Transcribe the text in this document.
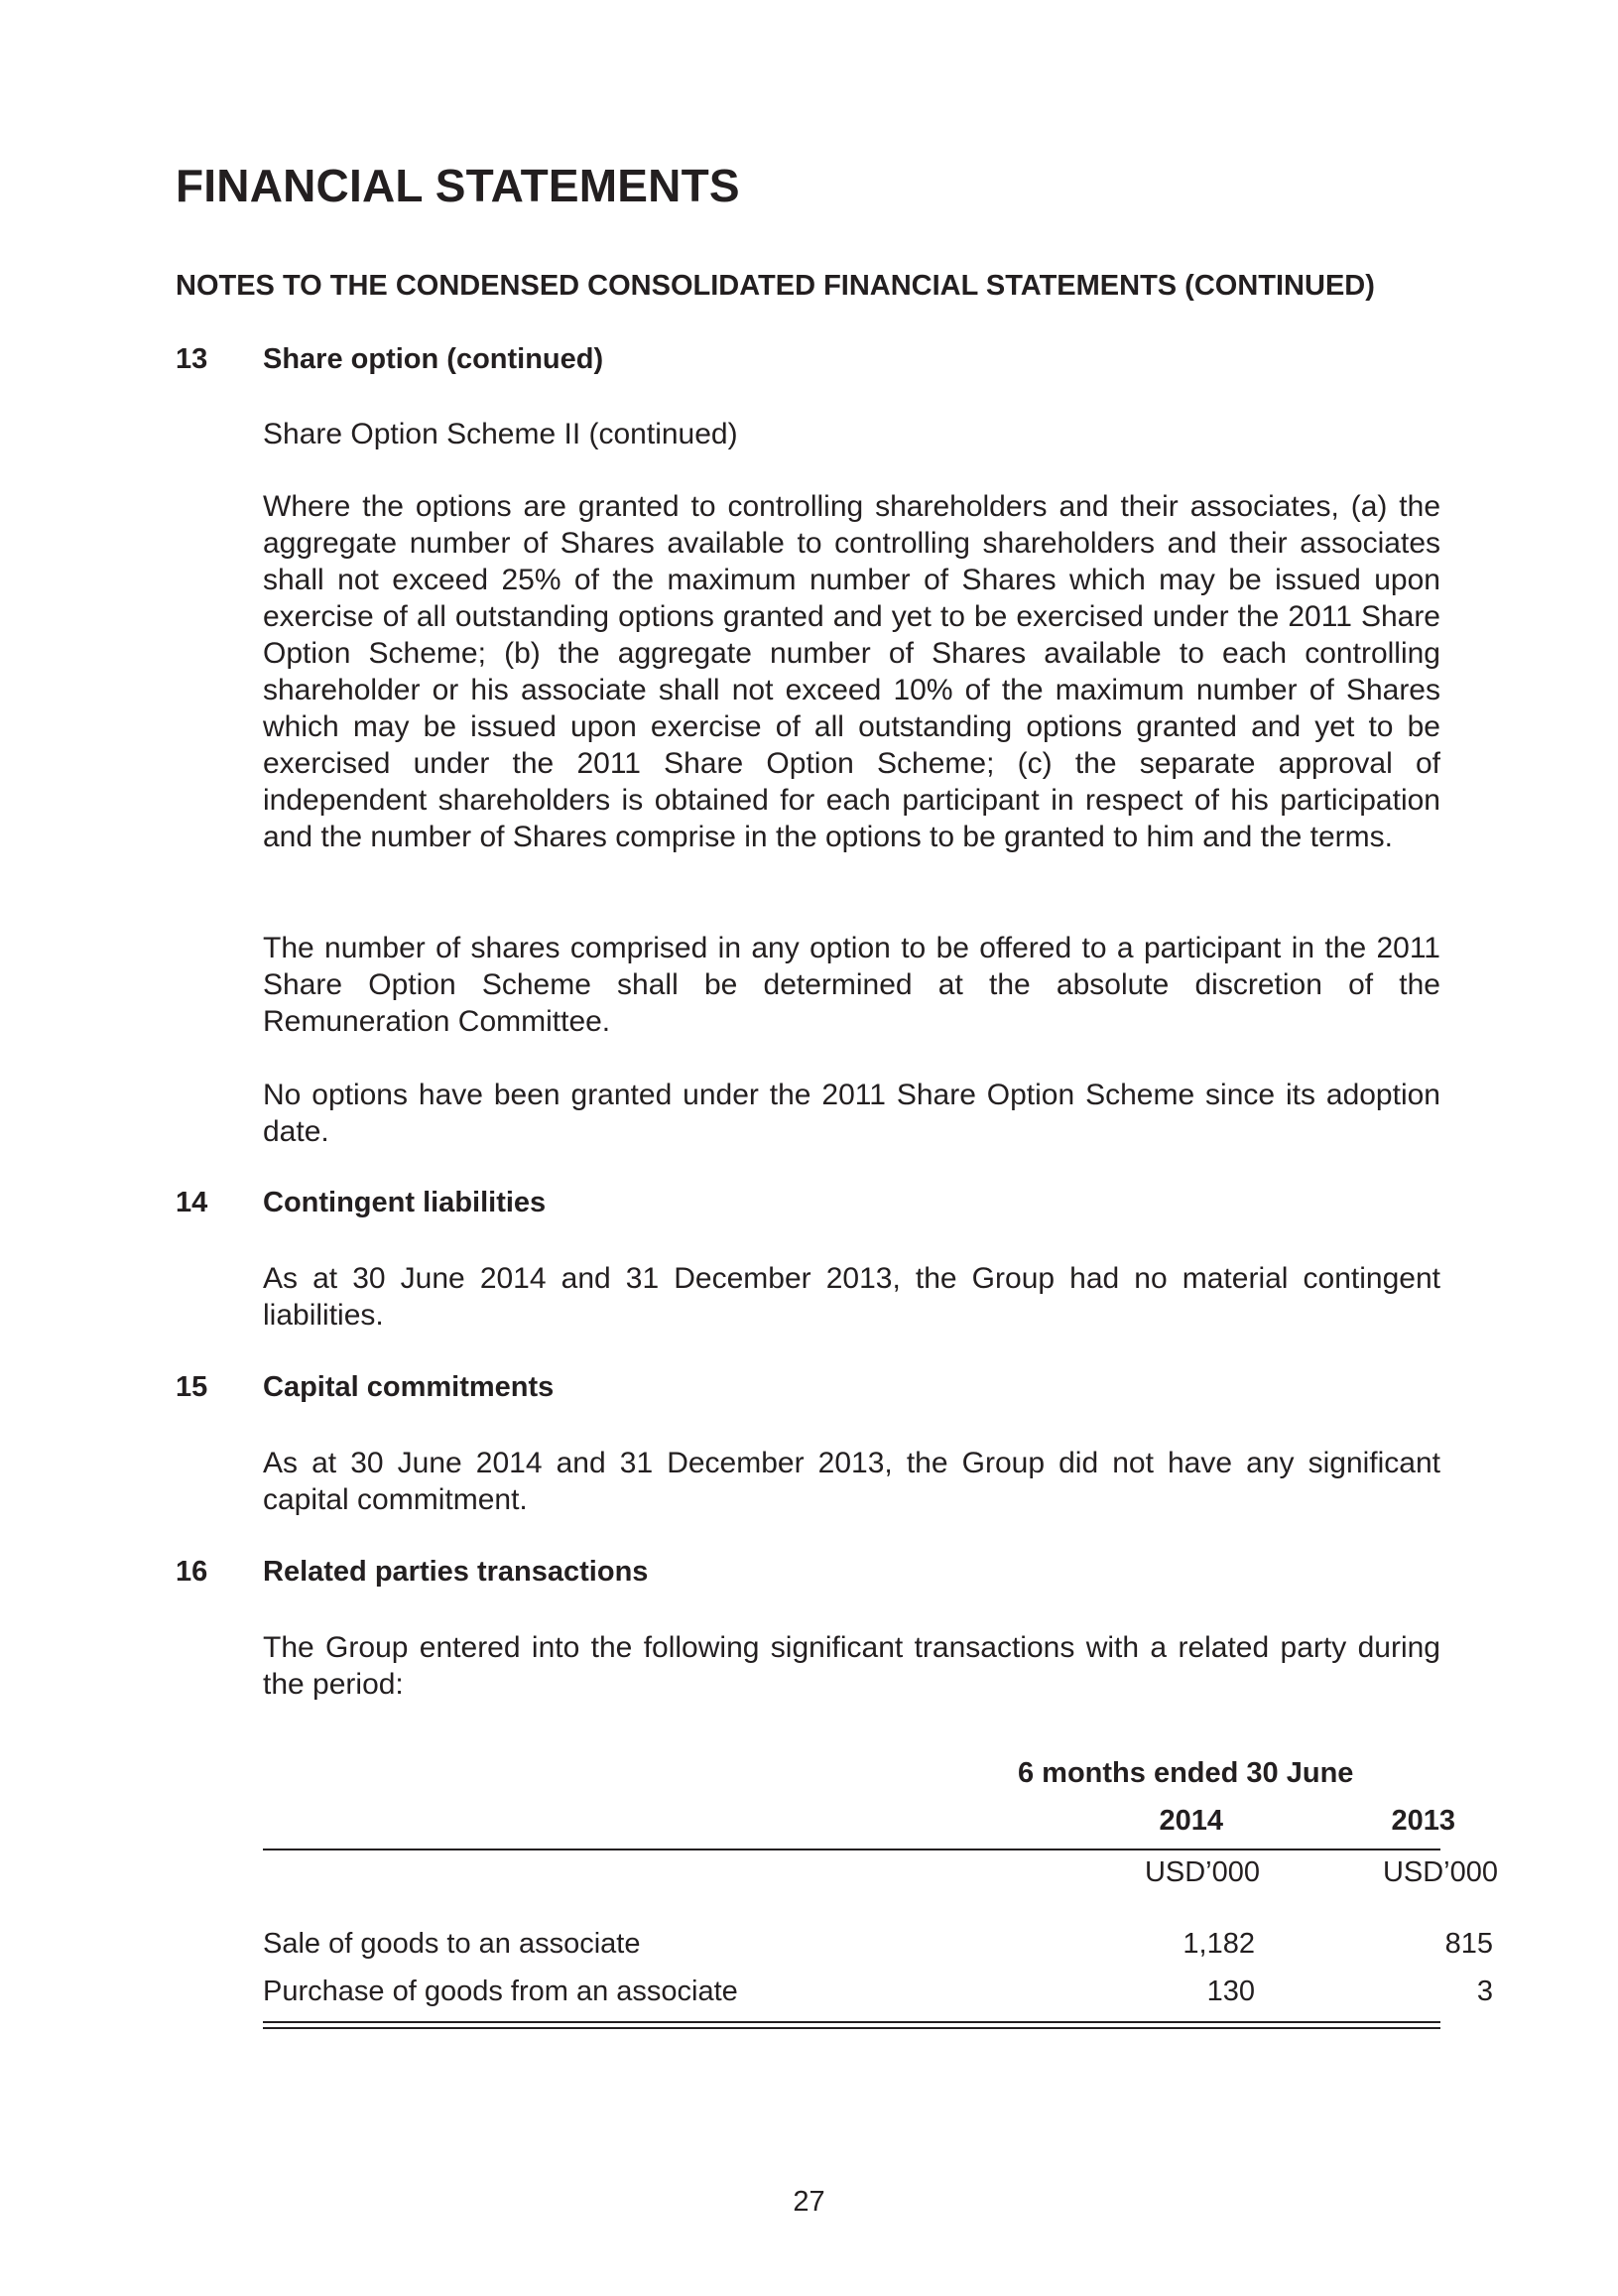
FINANCIAL STATEMENTS
NOTES TO THE CONDENSED CONSOLIDATED FINANCIAL STATEMENTS (CONTINUED)
13 Share option (continued)
Share Option Scheme II (continued)
Where the options are granted to controlling shareholders and their associates, (a) the aggregate number of Shares available to controlling shareholders and their associates shall not exceed 25% of the maximum number of Shares which may be issued upon exercise of all outstanding options granted and yet to be exercised under the 2011 Share Option Scheme; (b) the aggregate number of Shares available to each controlling shareholder or his associate shall not exceed 10% of the maximum number of Shares which may be issued upon exercise of all outstanding options granted and yet to be exercised under the 2011 Share Option Scheme; (c) the separate approval of independent shareholders is obtained for each participant in respect of his participation and the number of Shares comprise in the options to be granted to him and the terms.
The number of shares comprised in any option to be offered to a participant in the 2011 Share Option Scheme shall be determined at the absolute discretion of the Remuneration Committee.
No options have been granted under the 2011 Share Option Scheme since its adoption date.
14 Contingent liabilities
As at 30 June 2014 and 31 December 2013, the Group had no material contingent liabilities.
15 Capital commitments
As at 30 June 2014 and 31 December 2013, the Group did not have any significant capital commitment.
16 Related parties transactions
The Group entered into the following significant transactions with a related party during the period:
6 months ended 30 June
2014	2013
USD’000	USD’000
Sale of goods to an associate	1,182	815
Purchase of goods from an associate	130	3
27
